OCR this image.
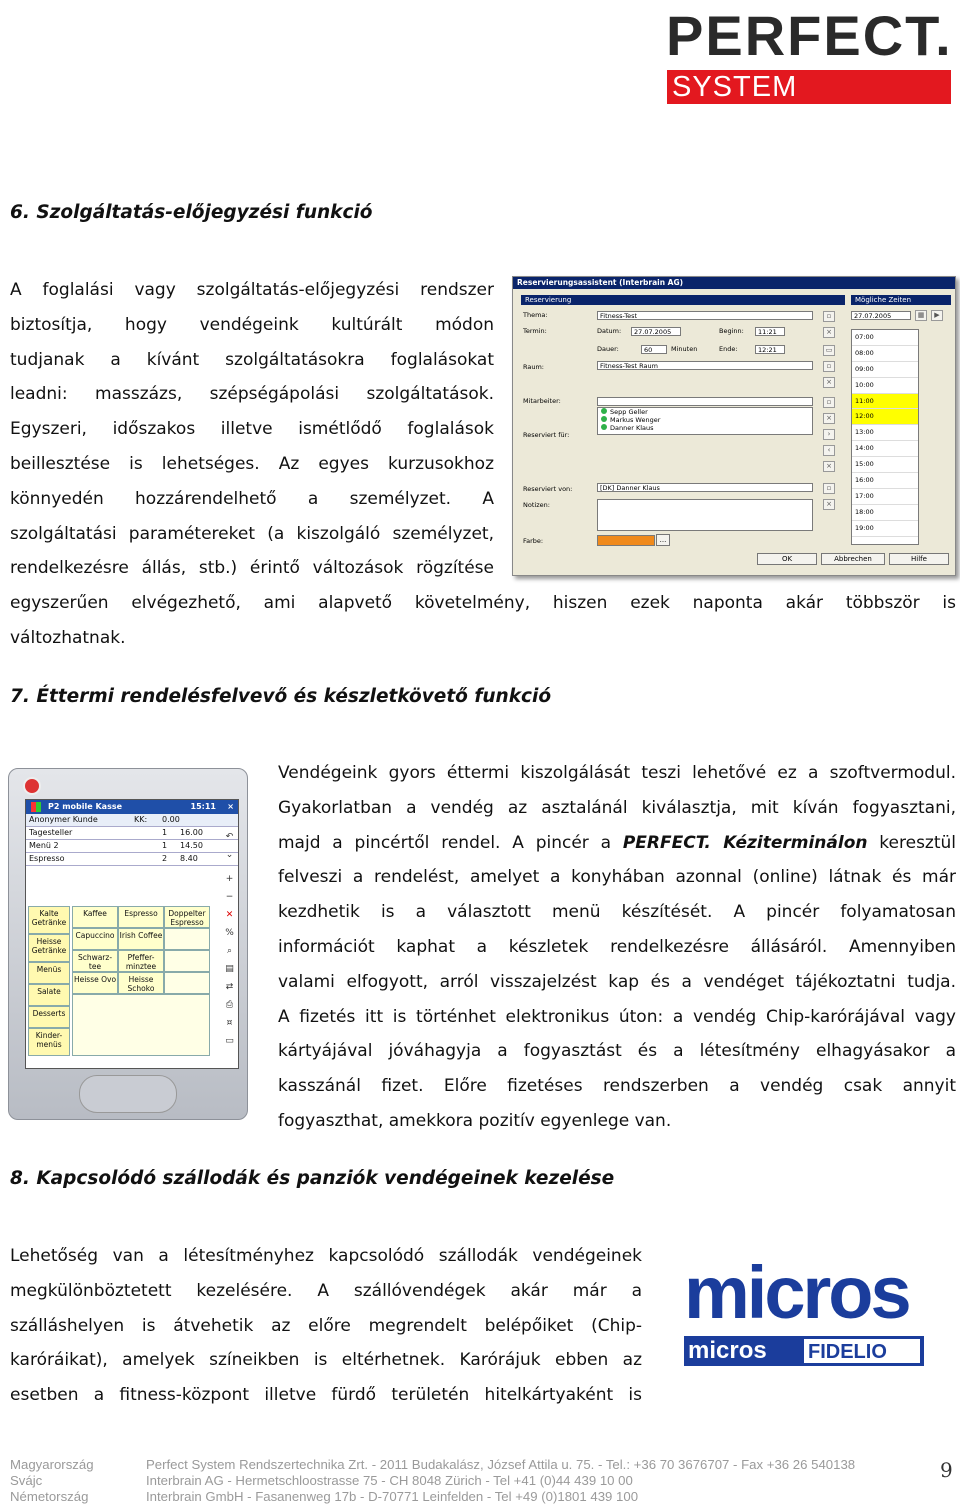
PERFECT.
SYSTEM
6. Szolgáltatás-előjegyzési funkció
A foglalási vagy szolgáltatás-előjegyzési rendszer
biztosítja, hogy vendégeink kultúrált módon
tudjanak a kívánt szolgáltatásokra foglalásokat
leadni: masszázs, szépségápolási szolgáltatások.
Egyszeri, időszakos illetve ismétlődő foglalások
beillesztése is lehetséges. Az egyes kurzusokhoz
könnyedén hozzárendelhető a személyzet. A
szolgáltatási paramétereket (a kiszolgáló személyzet,
rendelkezésre állás, stb.) érintő változások rögzítése
egyszerűen elvégezhető, ami alapvető követelmény, hiszen ezek naponta akár többször is
változhatnak.
Reservierungsassistent (Interbrain AG)
Reservierung	Mögliche Zeiten
Thema:	Fitness-Test
Termin:	Datum:	27.07.2005	Beginn:	11:21
Dauer:	60	Minuten	Ende:	12:21
Raum:	Fitness-Test Raum
Mitarbeiter:
Sepp Geller
Markus Wenger
Danner Klaus
Reserviert für:
Reserviert von:	[DK] Danner Klaus
Notizen:
Farbe:	...
▫
×
▭
▫
×
▫
×
›
‹
×
▫
×
27.07.2005	▦	▶
07:00
08:00
09:00
10:00
11:00
12:00
13:00
14:00
15:00
16:00
17:00
18:00
19:00
OK	Abbrechen	Hilfe
7. Éttermi rendelésfelvevő és készletkövető funkció
P2 mobile Kasse	15:11 ×
Anonymer Kunde	KK: 0.00
Tagesteller	1 16.00
Menü 2	1 14.50
Espresso	2 8.40
Kalte Getränke
Heisse Getränke
Menüs
Salate
Desserts
Kinder-menüs
Kaffee	Espresso	Doppelter Espresso
Capuccino Irish Coffee
Schwarz-tee
Pfeffer-minztee
Heisse Ovo	Heisse Schoko
↶
⌄
+
−
✕
%
⌕
▤
⇄
⎙
¤
▭
Vendégeink gyors éttermi kiszolgálását teszi lehetővé ez a szoftvermodul.
Gyakorlatban a vendég az asztalánál kiválasztja, mit kíván fogyasztani,
majd a pincértől rendel. A pincér a PERFECT. Kéziterminálon keresztül
felveszi a rendelést, amelyet a konyhában azonnal (online) látnak és már
kezdhetik is a választott menü készítését. A pincér folyamatosan
információt kaphat a készletek rendelkezésre állásáról. Amennyiben
valami elfogyott, arról visszajelzést kap és a vendéget tájékoztatni tudja.
A fizetés itt is történhet elektronikus úton: a vendég Chip-karórájával vagy
kártyájával jóváhagyja a fogyasztást és a létesítmény elhagyásakor a
kasszánál fizet. Előre fizetéses rendszerben a vendég csak annyit
fogyaszthat, amekkora pozitív egyenlege van.
8. Kapcsolódó szállodák és panziók vendégeinek kezelése
Lehetőség van a létesítményhez kapcsolódó szállodák vendégeinek
megkülönböztetett kezelésére. A szállóvendégek akár már a
szálláshelyen is átvehetik az előre megrendelt belépőiket (Chip-
karóráikat), amelyek színeikben is eltérhetnek. Karórájuk ebben az
esetben a fitness-központ illetve fürdő területén hitelkártyaként is
micros
micros FIDELIO
Magyarország
Svájc
Németország
Perfect System Rendszertechnika Zrt. - 2011 Budakalász, József Attila u. 75. - Tel.: +36 70 3676707 - Fax +36 26 540138
Interbrain AG - Hermetschloostrasse 75 - CH 8048 Zürich - Tel +41 (0)44 439 10 00
Interbrain GmbH - Fasanenweg 17b - D-70771 Leinfelden - Tel +49 (0)1801 439 100
9
